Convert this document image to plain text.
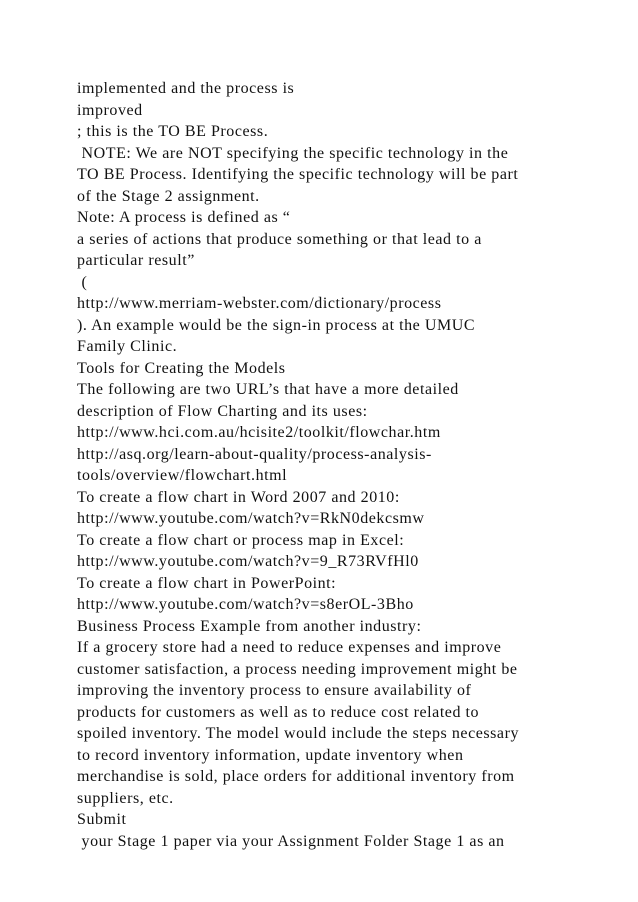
implemented and the process is
improved
; this is the TO BE Process.
NOTE: We are NOT specifying the specific technology in the
TO BE Process. Identifying the specific technology will be part
of the Stage 2 assignment.
Note: A process is defined as “
a series of actions that produce something or that lead to a
particular result”
(
http://www.merriam-webster.com/dictionary/process
). An example would be the sign-in process at the UMUC
Family Clinic.
Tools for Creating the Models
The following are two URL’s that have a more detailed
description of Flow Charting and its uses:
http://www.hci.com.au/hcisite2/toolkit/flowchar.htm
http://asq.org/learn-about-quality/process-analysis-
tools/overview/flowchart.html
To create a flow chart in Word 2007 and 2010:
http://www.youtube.com/watch?v=RkN0dekcsmw
To create a flow chart or process map in Excel:
http://www.youtube.com/watch?v=9_R73RVfHl0
To create a flow chart in PowerPoint:
http://www.youtube.com/watch?v=s8erOL-3Bho
Business Process Example from another industry:
If a grocery store had a need to reduce expenses and improve
customer satisfaction, a process needing improvement might be
improving the inventory process to ensure availability of
products for customers as well as to reduce cost related to
spoiled inventory. The model would include the steps necessary
to record inventory information, update inventory when
merchandise is sold, place orders for additional inventory from
suppliers, etc.
Submit
your Stage 1 paper via your Assignment Folder Stage 1 as an
